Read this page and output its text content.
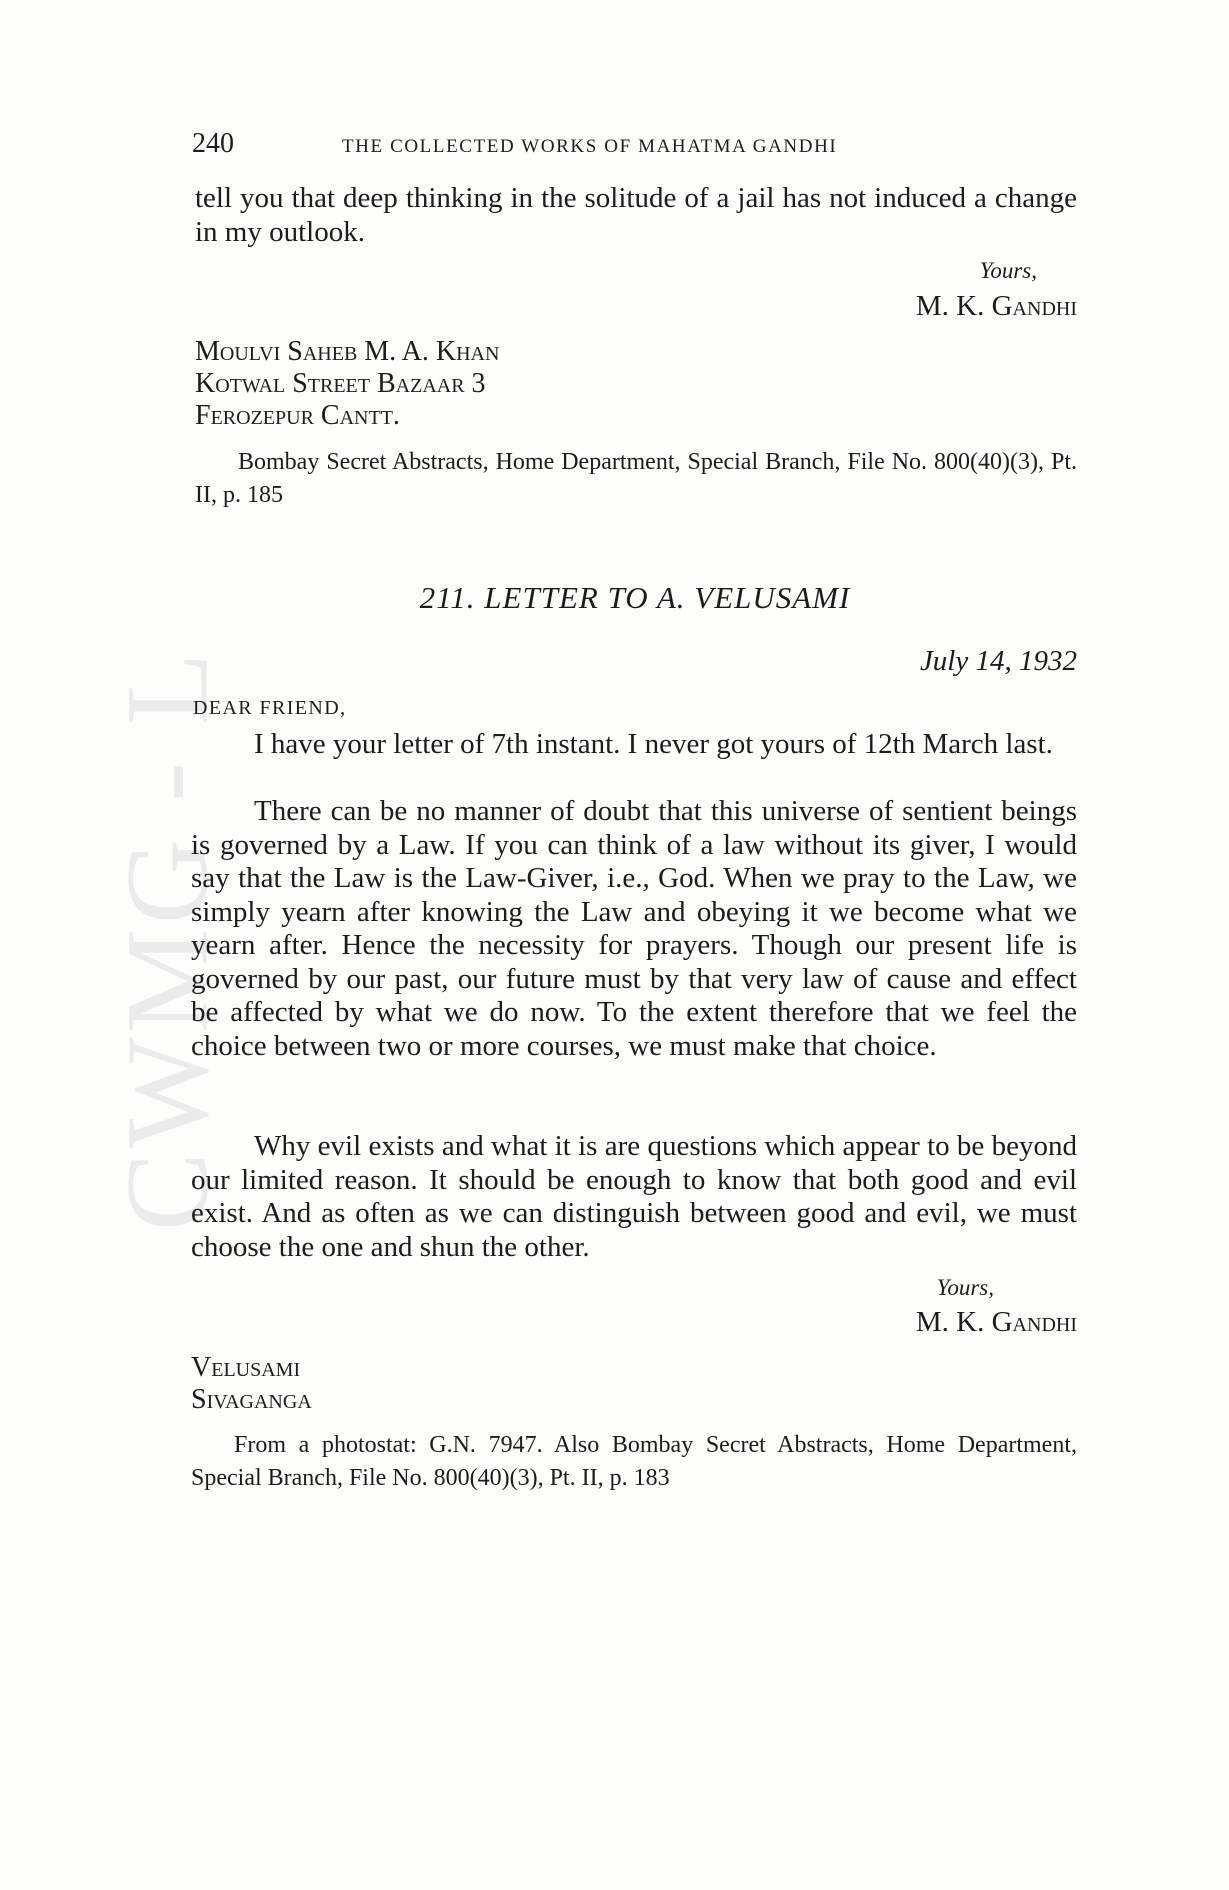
CWMG - L
240	THE COLLECTED WORKS OF MAHATMA GANDHI

tell you that deep thinking in the solitude of a jail has not induced a change in my outlook.

Yours,
M. K. Gandhi
Moulvi Saheb M. A. Khan
Kotwal Street Bazaar 3
Ferozepur Cantt.

Bombay Secret Abstracts, Home Department, Special Branch, File No. 800(40)(3), Pt. II, p. 185

211. LETTER TO A. VELUSAMI
July 14, 1932
DEAR FRIEND,

I have your letter of 7th instant. I never got yours of 12th March last.

There can be no manner of doubt that this universe of sentient beings is governed by a Law. If you can think of a law without its giver, I would say that the Law is the Law-Giver, i.e., God. When we pray to the Law, we simply yearn after knowing the Law and obeying it we become what we yearn after. Hence the necessity for prayers. Though our present life is governed by our past, our future must by that very law of cause and effect be affected by what we do now. To the extent therefore that we feel the choice between two or more courses, we must make that choice.

Why evil exists and what it is are questions which appear to be beyond our limited reason. It should be enough to know that both good and evil exist. And as often as we can distinguish between good and evil, we must choose the one and shun the other.

Yours,
M. K. Gandhi
Velusami
Sivaganga

From a photostat: G.N. 7947. Also Bombay Secret Abstracts, Home Department, Special Branch, File No. 800(40)(3), Pt. II, p. 183
